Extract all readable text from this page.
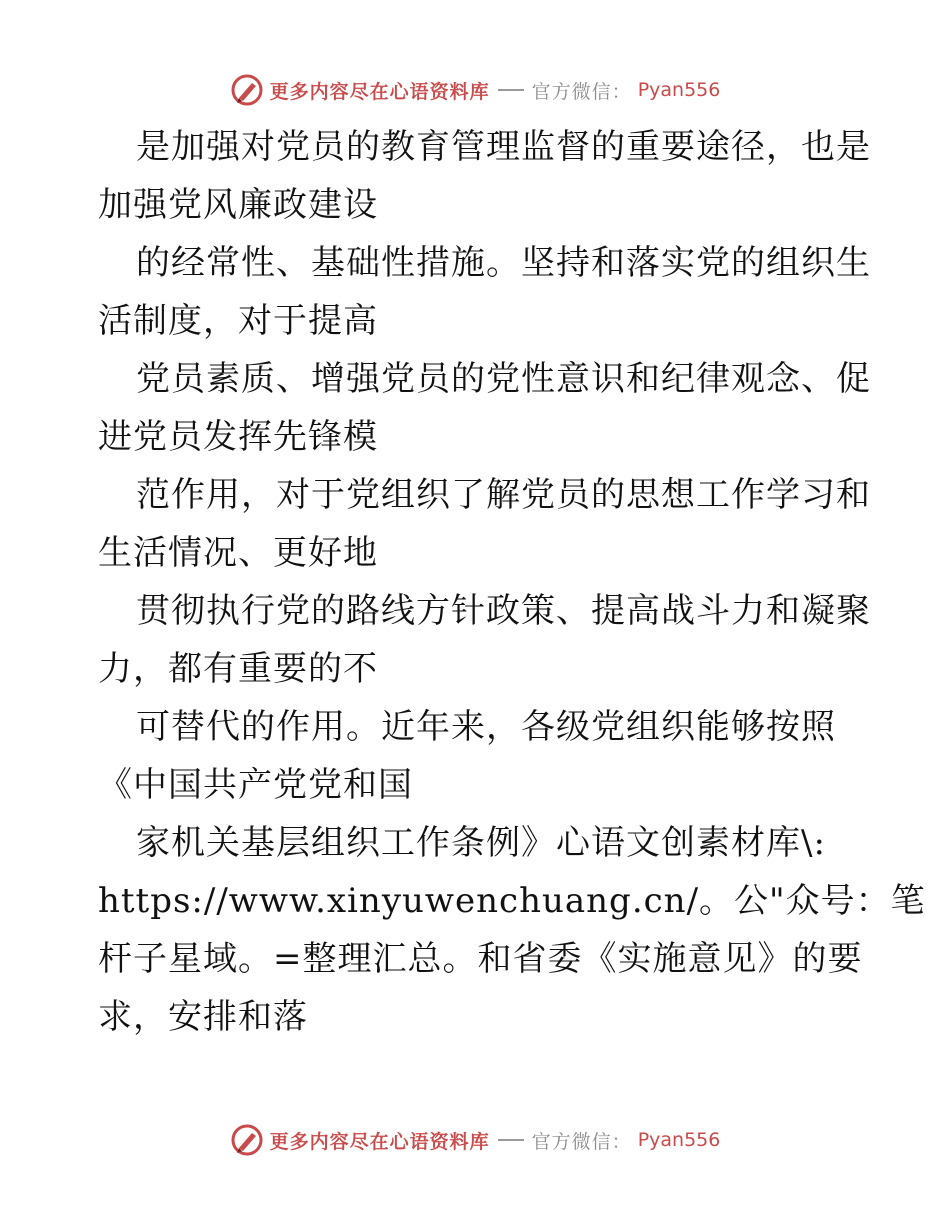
更多内容尽在心语资料库 官方微信： Pyan556
是加强对党员的教育管理监督的重要途径，也是
加强党风廉政建设
的经常性、基础性措施。坚持和落实党的组织生
活制度，对于提高
党员素质、增强党员的党性意识和纪律观念、促
进党员发挥先锋模
范作用，对于党组织了解党员的思想工作学习和
生活情况、更好地
贯彻执行党的路线方针政策、提高战斗力和凝聚
力，都有重要的不
可替代的作用。近年来，各级党组织能够按照
《中国共产党党和国
家机关基层组织工作条例》心语文创素材库\:
https://www.xinyuwenchuang.cn/。公"众号：笔
杆子星域。=整理汇总。和省委《实施意见》的要
求，安排和落
更多内容尽在心语资料库 官方微信： Pyan556
